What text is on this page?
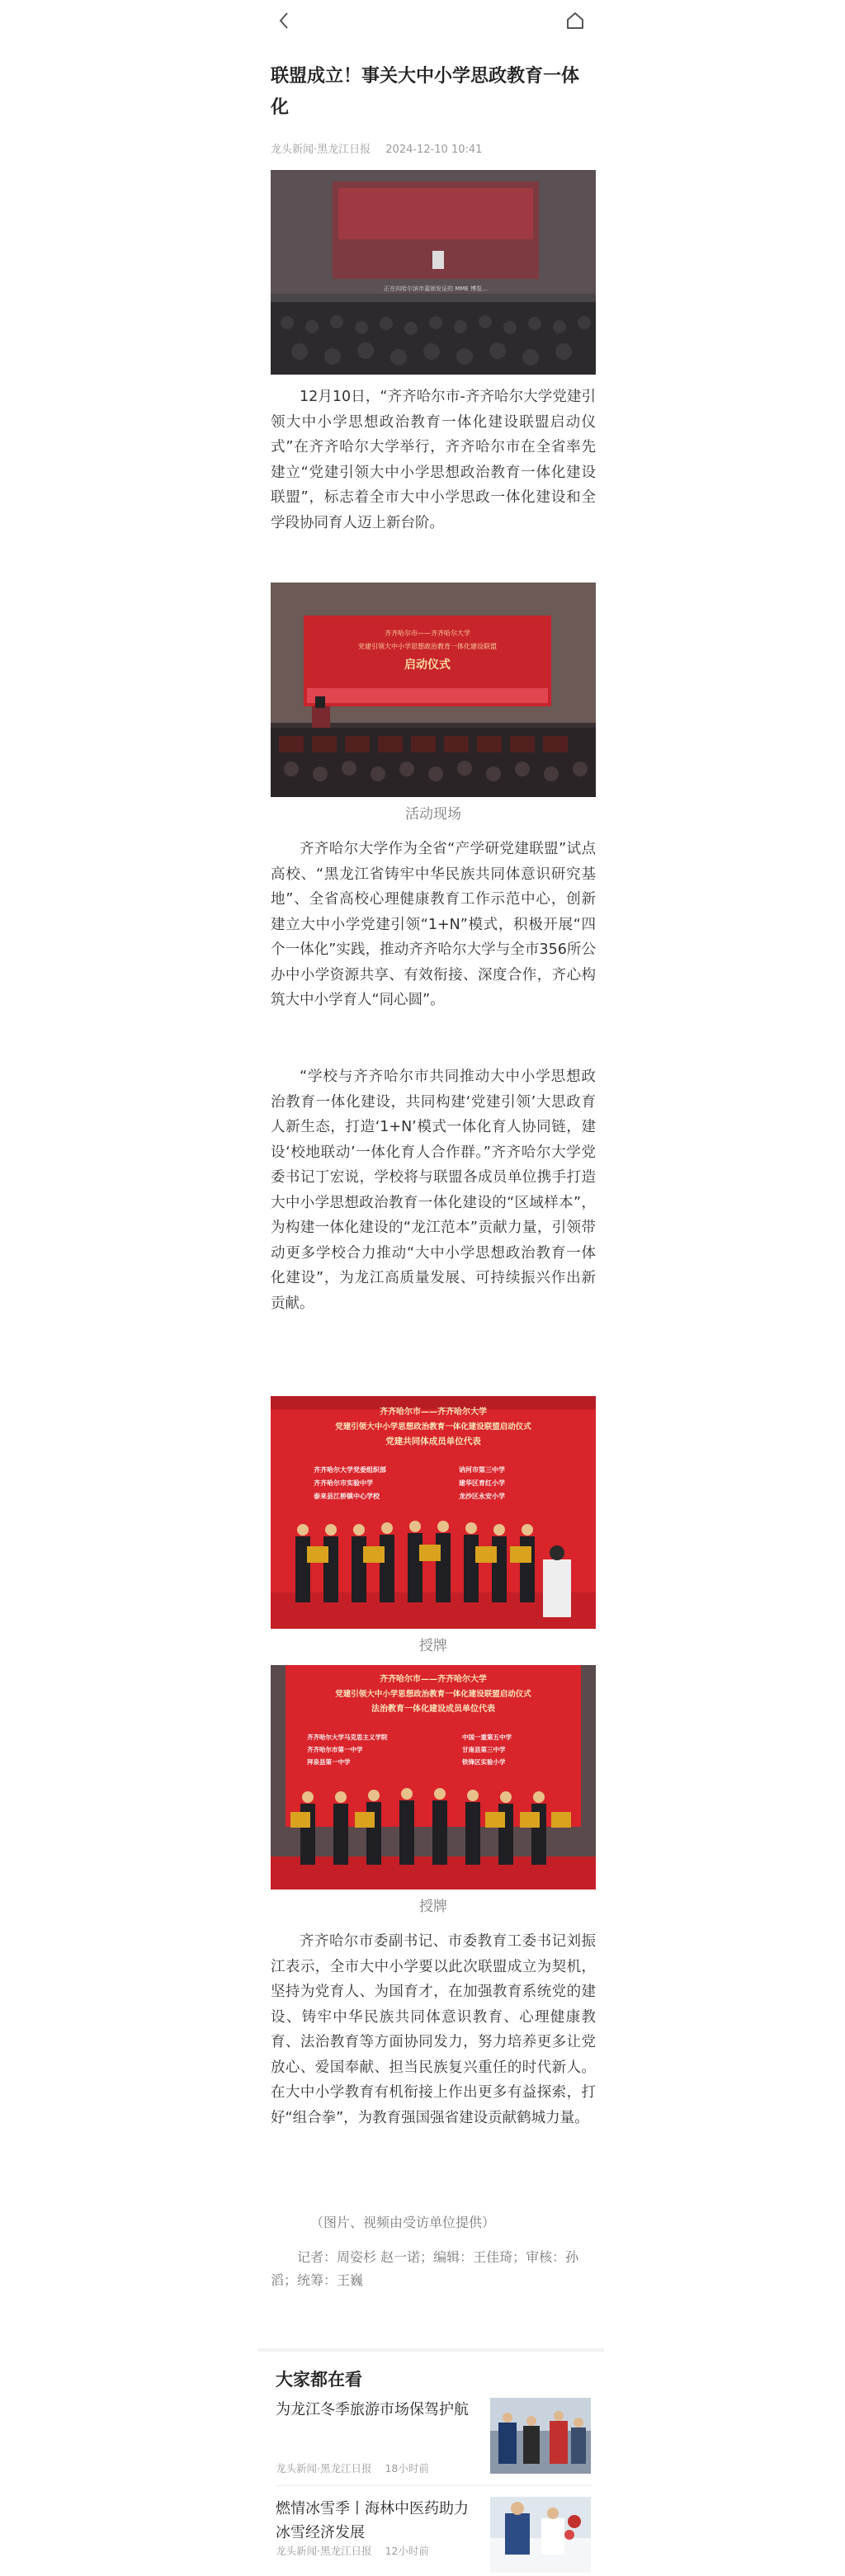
联盟成立！事关大中小学思政教育一体化
龙头新闻·黑龙江日报 2024-12-10 10:41
正在向哈尔滨市嘉颁发证的 MME 博览...

12月10日，“齐齐哈尔市-齐齐哈尔大学党建引领大中小学思想政治教育一体化建设联盟启动仪式”在齐齐哈尔大学举行，齐齐哈尔市在全省率先建立“党建引领大中小学思想政治教育一体化建设联盟”，标志着全市大中小学思政一体化建设和全学段协同育人迈上新台阶。

齐齐哈尔市——齐齐哈尔大学
党建引领大中小学思想政治教育一体化建设联盟
启动仪式
活动现场

齐齐哈尔大学作为全省“产学研党建联盟”试点高校、“黑龙江省铸牢中华民族共同体意识研究基地”、全省高校心理健康教育工作示范中心，创新建立大中小学党建引领“1+N”模式，积极开展“四个一体化”实践，推动齐齐哈尔大学与全市356所公办中小学资源共享、有效衔接、深度合作，齐心构筑大中小学育人“同心圆”。

“学校与齐齐哈尔市共同推动大中小学思想政治教育一体化建设，共同构建‘党建引领’大思政育人新生态，打造‘1+N’模式一体化育人协同链，建设‘校地联动’一体化育人合作群。”齐齐哈尔大学党委书记丁宏说，学校将与联盟各成员单位携手打造大中小学思想政治教育一体化建设的“区域样本”，为构建一体化建设的“龙江范本”贡献力量，引领带动更多学校合力推动“大中小学思想政治教育一体化建设”，为龙江高质量发展、可持续振兴作出新贡献。

齐齐哈尔市——齐齐哈尔大学
党建引领大中小学思想政治教育一体化建设联盟启动仪式
党建共同体成员单位代表
齐齐哈尔大学党委组织部
齐齐哈尔市实验中学
泰来县江桥镇中心学校
讷河市第三中学
建华区育红小学
龙沙区永安小学
授牌
齐齐哈尔市——齐齐哈尔大学
党建引领大中小学思想政治教育一体化建设联盟启动仪式
法治教育一体化建设成员单位代表
齐齐哈尔大学马克思主义学院
齐齐哈尔市第一中学
拜泉县第一中学
中国一重第五中学
甘南县第三中学
铁锋区实验小学
授牌

齐齐哈尔市委副书记、市委教育工委书记刘振江表示，全市大中小学要以此次联盟成立为契机，坚持为党育人、为国育才，在加强教育系统党的建设、铸牢中华民族共同体意识教育、心理健康教育、法治教育等方面协同发力，努力培养更多让党放心、爱国奉献、担当民族复兴重任的时代新人。在大中小学教育有机衔接上作出更多有益探索，打好“组合拳”，为教育强国强省建设贡献鹤城力量。

（图片、视频由受访单位提供）

记者：周姿杉 赵一诺；编辑：王佳琦；审核：孙滔；统筹：王巍

大家都在看
为龙江冬季旅游市场保驾护航
龙头新闻·黑龙江日报 18小时前
燃情冰雪季丨海林中医药助力冰雪经济发展
龙头新闻·黑龙江日报 12小时前
